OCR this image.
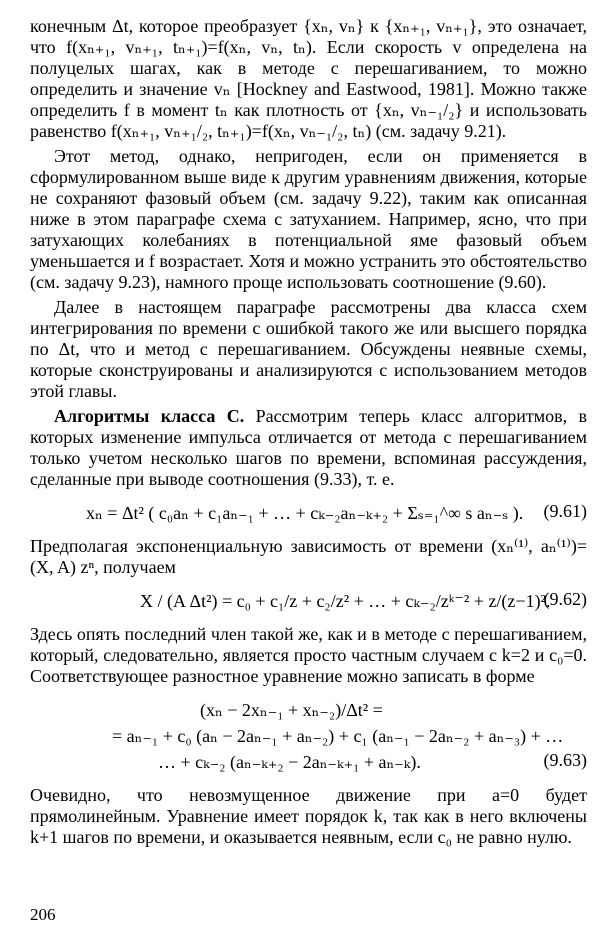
конечным Δt, которое преобразует {xₙ, vₙ} к {xₙ₊₁, vₙ₊₁}, это означает, что f(xₙ₊₁, vₙ₊₁, tₙ₊₁)=f(xₙ, vₙ, tₙ). Если скорость v определена на полуцелых шагах, как в методе с перешагиванием, то можно определить и значение vₙ [Hockney and Eastwood, 1981]. Можно также определить f в момент tₙ как плотность от {xₙ, vₙ₋₁/₂} и использовать равенство f(xₙ₊₁, vₙ₊₁/₂, tₙ₊₁)=f(xₙ, vₙ₋₁/₂, tₙ) (см. задачу 9.21).

Этот метод, однако, непригоден, если он применяется в сформулированном выше виде к другим уравнениям движения, которые не сохраняют фазовый объем (см. задачу 9.22), таким как описанная ниже в этом параграфе схема с затуханием. Например, ясно, что при затухающих колебаниях в потенциальной яме фазовый объем уменьшается и f возрастает. Хотя и можно устранить это обстоятельство (см. задачу 9.23), намного проще использовать соотношение (9.60).

Далее в настоящем параграфе рассмотрены два класса схем интегрирования по времени с ошибкой такого же или высшего порядка по Δt, что и метод с перешагиванием. Обсуждены неявные схемы, которые сконструированы и анализируются с использованием методов этой главы.

Алгоритмы класса С. Рассмотрим теперь класс алгоритмов, в которых изменение импульса отличается от метода с перешагиванием только учетом несколько шагов по времени, вспоминая рассуждения, сделанные при выводе соотношения (9.33), т. е.

xₙ = Δt² ( c₀aₙ + c₁aₙ₋₁ + … + cₖ₋₂aₙ₋ₖ₊₂ + Σₛ₌₁^∞ s aₙ₋ₛ ).	(9.61)

Предполагая экспоненциальную зависимость от времени (xₙ⁽¹⁾, aₙ⁽¹⁾)=(X, A) zⁿ, получаем

X / (A Δt²) = c₀ + c₁/z + c₂/z² + … + cₖ₋₂/zᵏ⁻² + z/(z−1)².
(9.62)

Здесь опять последний член такой же, как и в методе с перешагиванием, который, следовательно, является просто частным случаем с k=2 и c₀=0. Соответствующее разностное уравнение можно записать в форме

(xₙ − 2xₙ₋₁ + xₙ₋₂)/Δt² =
= aₙ₋₁ + c₀ (aₙ − 2aₙ₋₁ + aₙ₋₂) + c₁ (aₙ₋₁ − 2aₙ₋₂ + aₙ₋₃) + …
… + cₖ₋₂ (aₙ₋ₖ₊₂ − 2aₙ₋ₖ₊₁ + aₙ₋ₖ).	(9.63)

Очевидно, что невозмущенное движение при a=0 будет прямолинейным. Уравнение имеет порядок k, так как в него включены k+1 шагов по времени, и оказывается неявным, если c₀ не равно нулю.

206
